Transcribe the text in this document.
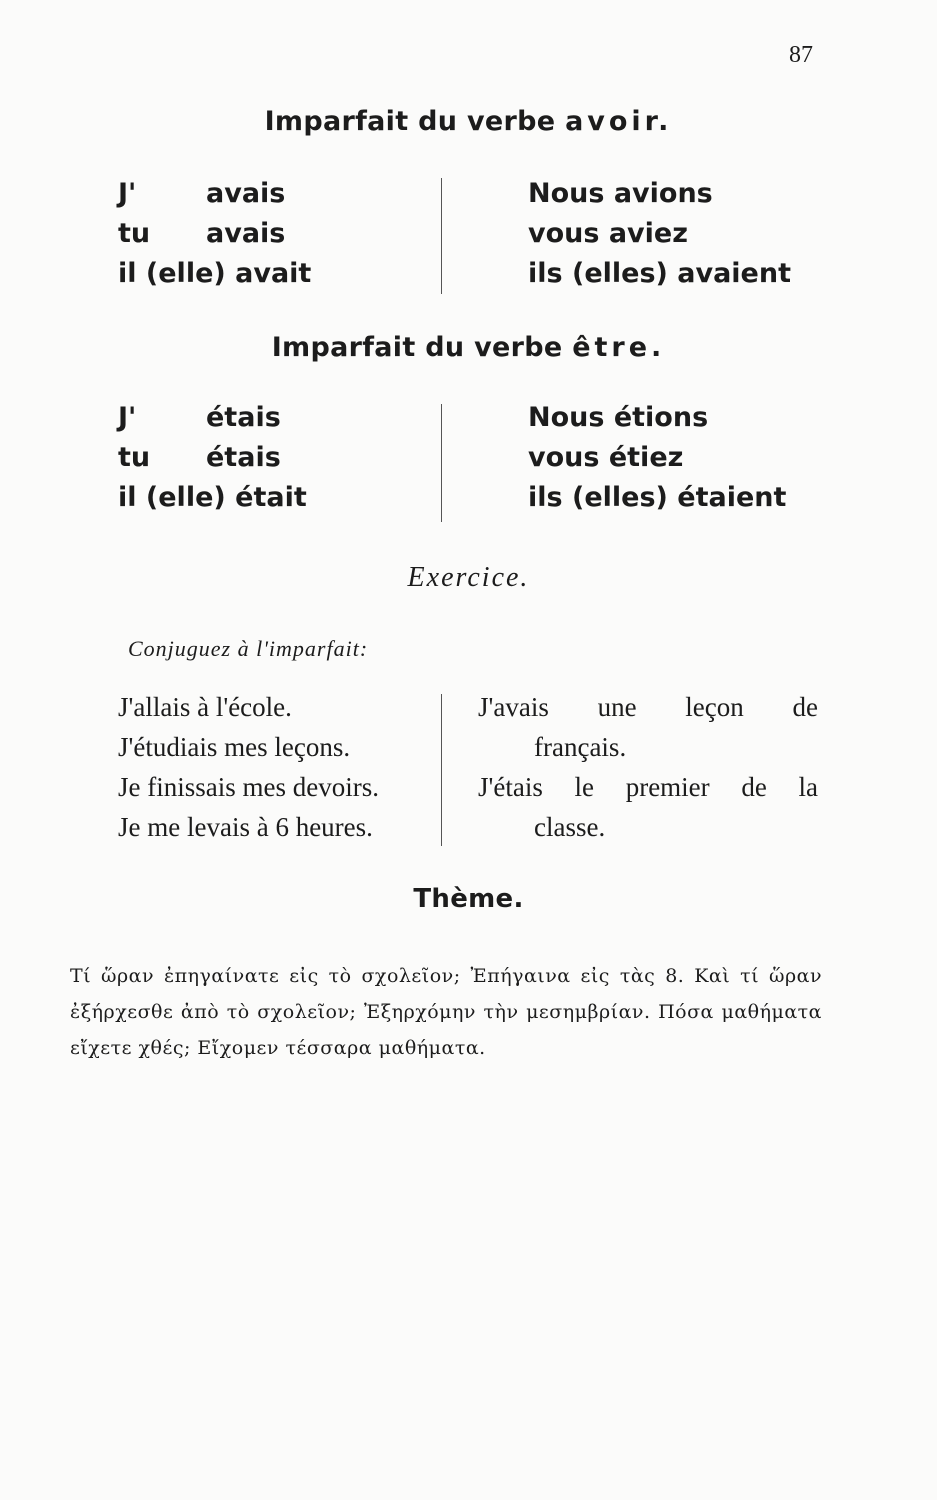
87
Imparfait du verbe avoir.
J'	avais
tu avais
il (elle) avait
Nous avions
vous aviez
ils (elles) avaient
Imparfait du verbe être.
J'	étais
tu étais
il (elle) était
Nous étions
vous étiez
ils (elles) étaient
Exercice.
Conjuguez à l'imparfait:
J'allais à l'école.
J'étudiais mes leçons.
Je finissais mes devoirs.
Je me levais à 6 heures.
J'avais une leçon de
français.
J'étais le premier de la
classe.
Thème.
Τί ὥραν ἐπηγαίνατε εἰς τὸ σχολεῖον; Ἐπήγαινα εἰς τὰς 8. Καὶ τί ὥραν ἐξήρχεσθε ἀπὸ τὸ σχολεῖον; Ἐξηρχόμην τὴν μεσημβρίαν. Πόσα μαθήματα εἴχετε χθές; Εἴχομεν τέσσαρα μαθήματα.
